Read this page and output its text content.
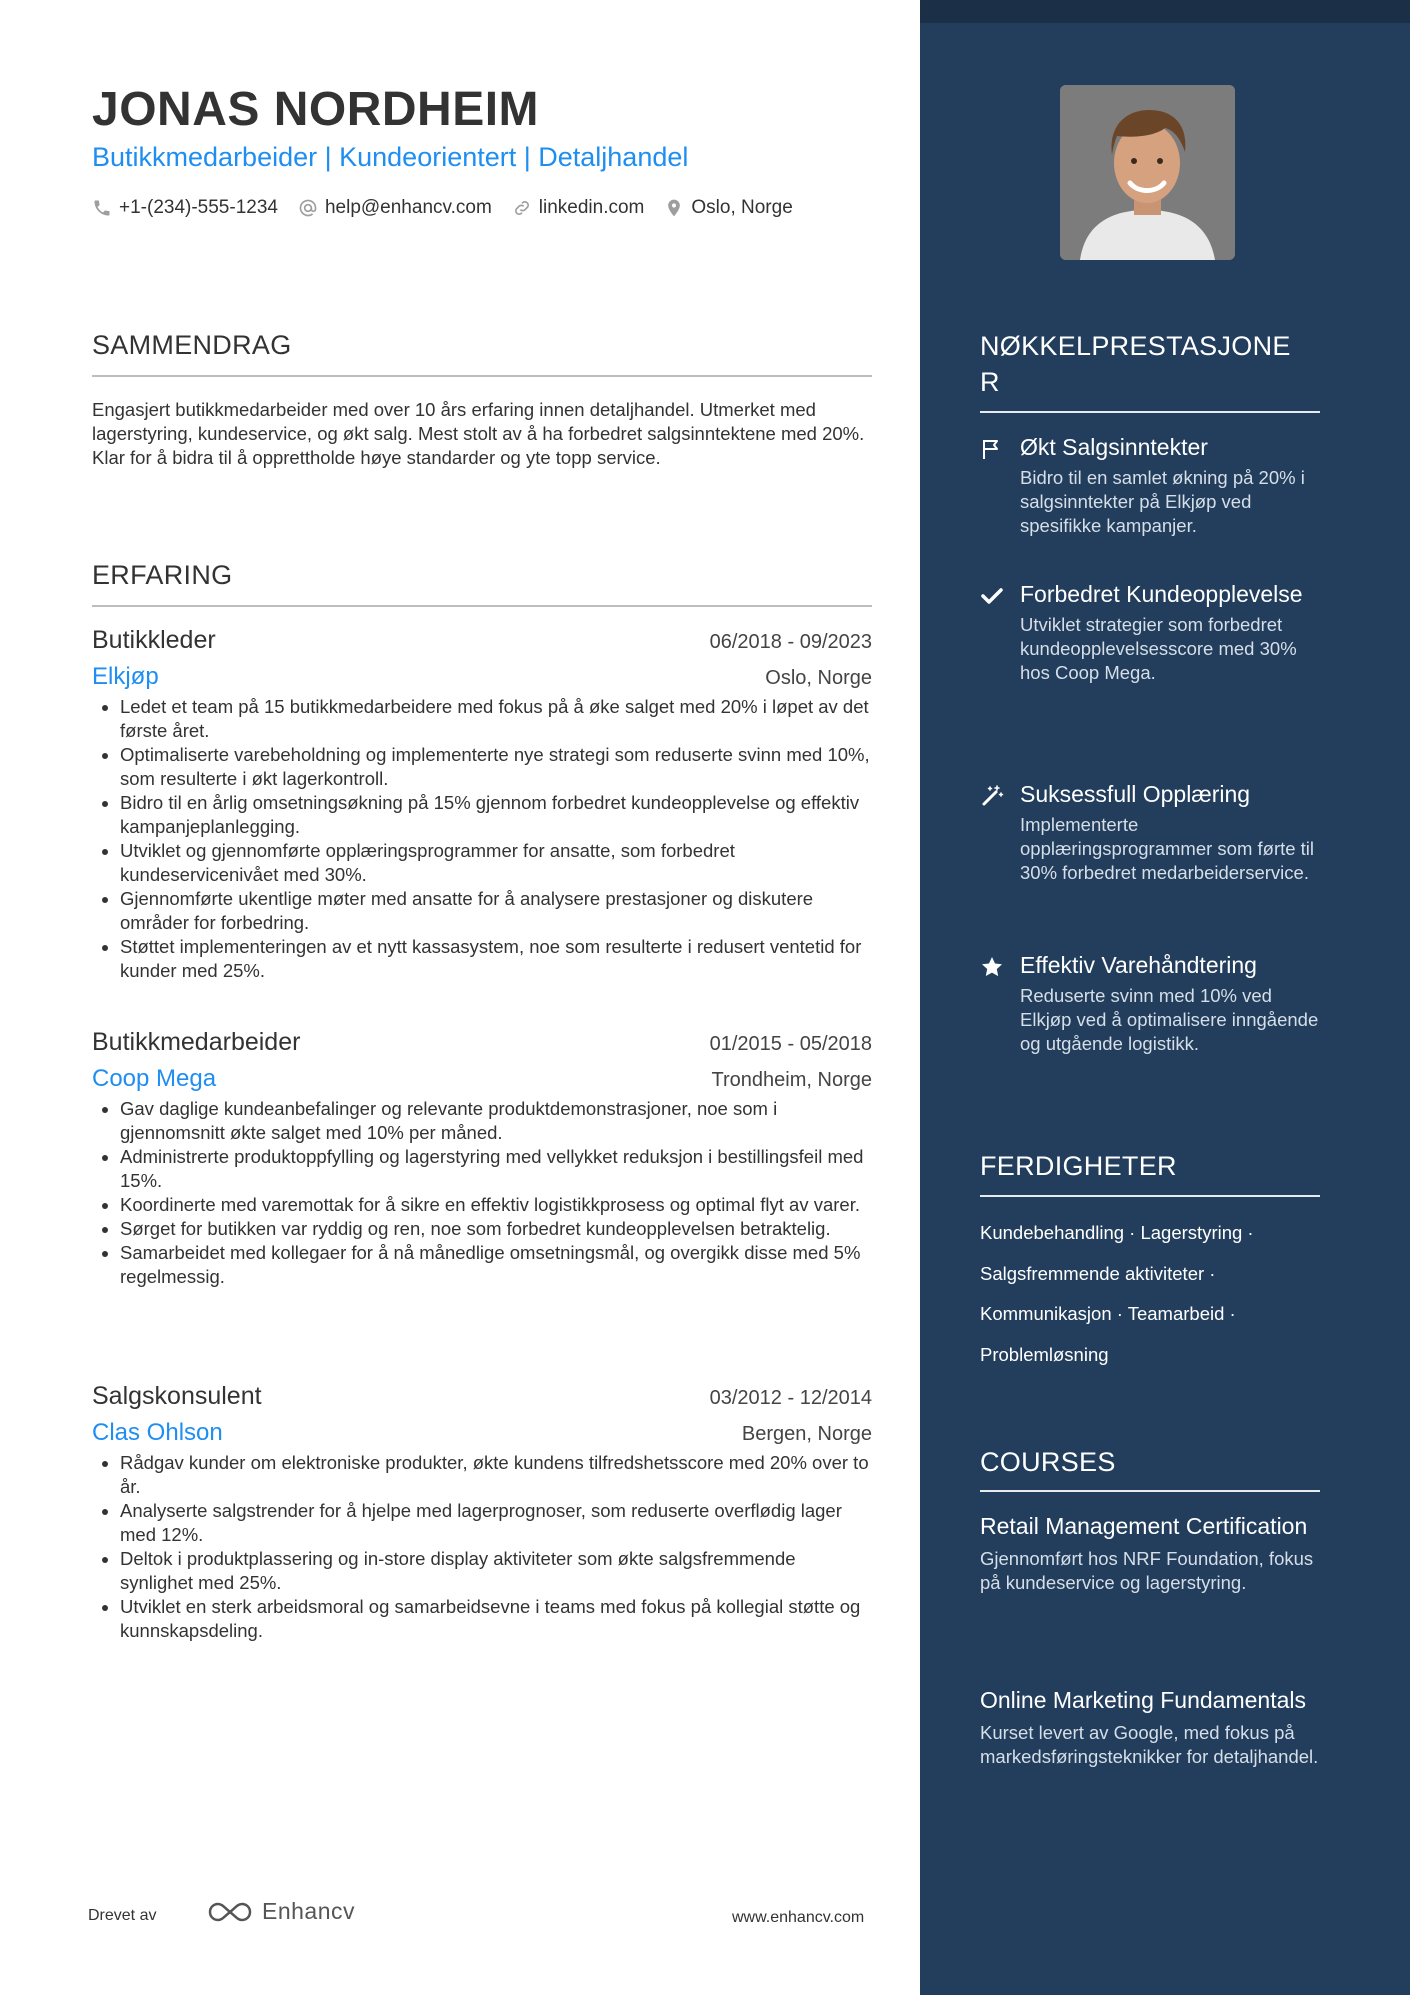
JONAS NORDHEIM
Butikkmedarbeider | Kundeorientert | Detaljhandel
+1-(234)-555-1234 help@enhancv.com linkedin.com Oslo, Norge
SAMMENDRAG

Engasjert butikkmedarbeider med over 10 års erfaring innen detaljhandel. Utmerket med lagerstyring, kundeservice, og økt salg. Mest stolt av å ha forbedret salgsinntektene med 20%. Klar for å bidra til å opprettholde høye standarder og yte topp service.

ERFARING
Butikkleder	06/2018 - 09/2023
Elkjøp	Oslo, Norge
• Ledet et team på 15 butikkmedarbeidere med fokus på å øke salget med 20% i løpet av det første året.
• Optimaliserte varebeholdning og implementerte nye strategi som reduserte svinn med 10%, som resulterte i økt lagerkontroll.
• Bidro til en årlig omsetningsøkning på 15% gjennom forbedret kundeopplevelse og effektiv kampanjeplanlegging.
• Utviklet og gjennomførte opplæringsprogrammer for ansatte, som forbedret kundeservicenivået med 30%.
• Gjennomførte ukentlige møter med ansatte for å analysere prestasjoner og diskutere områder for forbedring.
• Støttet implementeringen av et nytt kassasystem, noe som resulterte i redusert ventetid for kunder med 25%.
Butikkmedarbeider	01/2015 - 05/2018
Coop Mega	Trondheim, Norge
• Gav daglige kundeanbefalinger og relevante produktdemonstrasjoner, noe som i gjennomsnitt økte salget med 10% per måned.
• Administrerte produktoppfylling og lagerstyring med vellykket reduksjon i bestillingsfeil med 15%.
• Koordinerte med varemottak for å sikre en effektiv logistikkprosess og optimal flyt av varer.
• Sørget for butikken var ryddig og ren, noe som forbedret kundeopplevelsen betraktelig.
• Samarbeidet med kollegaer for å nå månedlige omsetningsmål, og overgikk disse med 5% regelmessig.
Salgskonsulent	03/2012 - 12/2014
Clas Ohlson	Bergen, Norge
• Rådgav kunder om elektroniske produkter, økte kundens tilfredshetsscore med 20% over to år.
• Analyserte salgstrender for å hjelpe med lagerprognoser, som reduserte overflødig lager med 12%.
• Deltok i produktplassering og in-store display aktiviteter som økte salgsfremmende synlighet med 25%.
• Utviklet en sterk arbeidsmoral og samarbeidsevne i teams med fokus på kollegial støtte og kunnskapsdeling.
Drevet av	Enhancv	www.enhancv.com
NØKKELPRESTASJONE
R
Økt Salgsinntekter
Bidro til en samlet økning på 20% i salgsinntekter på Elkjøp ved spesifikke kampanjer.
Forbedret Kundeopplevelse
Utviklet strategier som forbedret kundeopplevelsesscore med 30% hos Coop Mega.
Suksessfull Opplæring
Implementerte opplæringsprogrammer som førte til 30% forbedret medarbeiderservice.
Effektiv Varehåndtering
Reduserte svinn med 10% ved Elkjøp ved å optimalisere inngående og utgående logistikk.
FERDIGHETER
Kundebehandling · Lagerstyring ·
Salgsfremmende aktiviteter ·
Kommunikasjon · Teamarbeid ·
Problemløsning
COURSES
Retail Management Certification
Gjennomført hos NRF Foundation, fokus på kundeservice og lagerstyring.
Online Marketing Fundamentals
Kurset levert av Google, med fokus på markedsføringsteknikker for detaljhandel.
